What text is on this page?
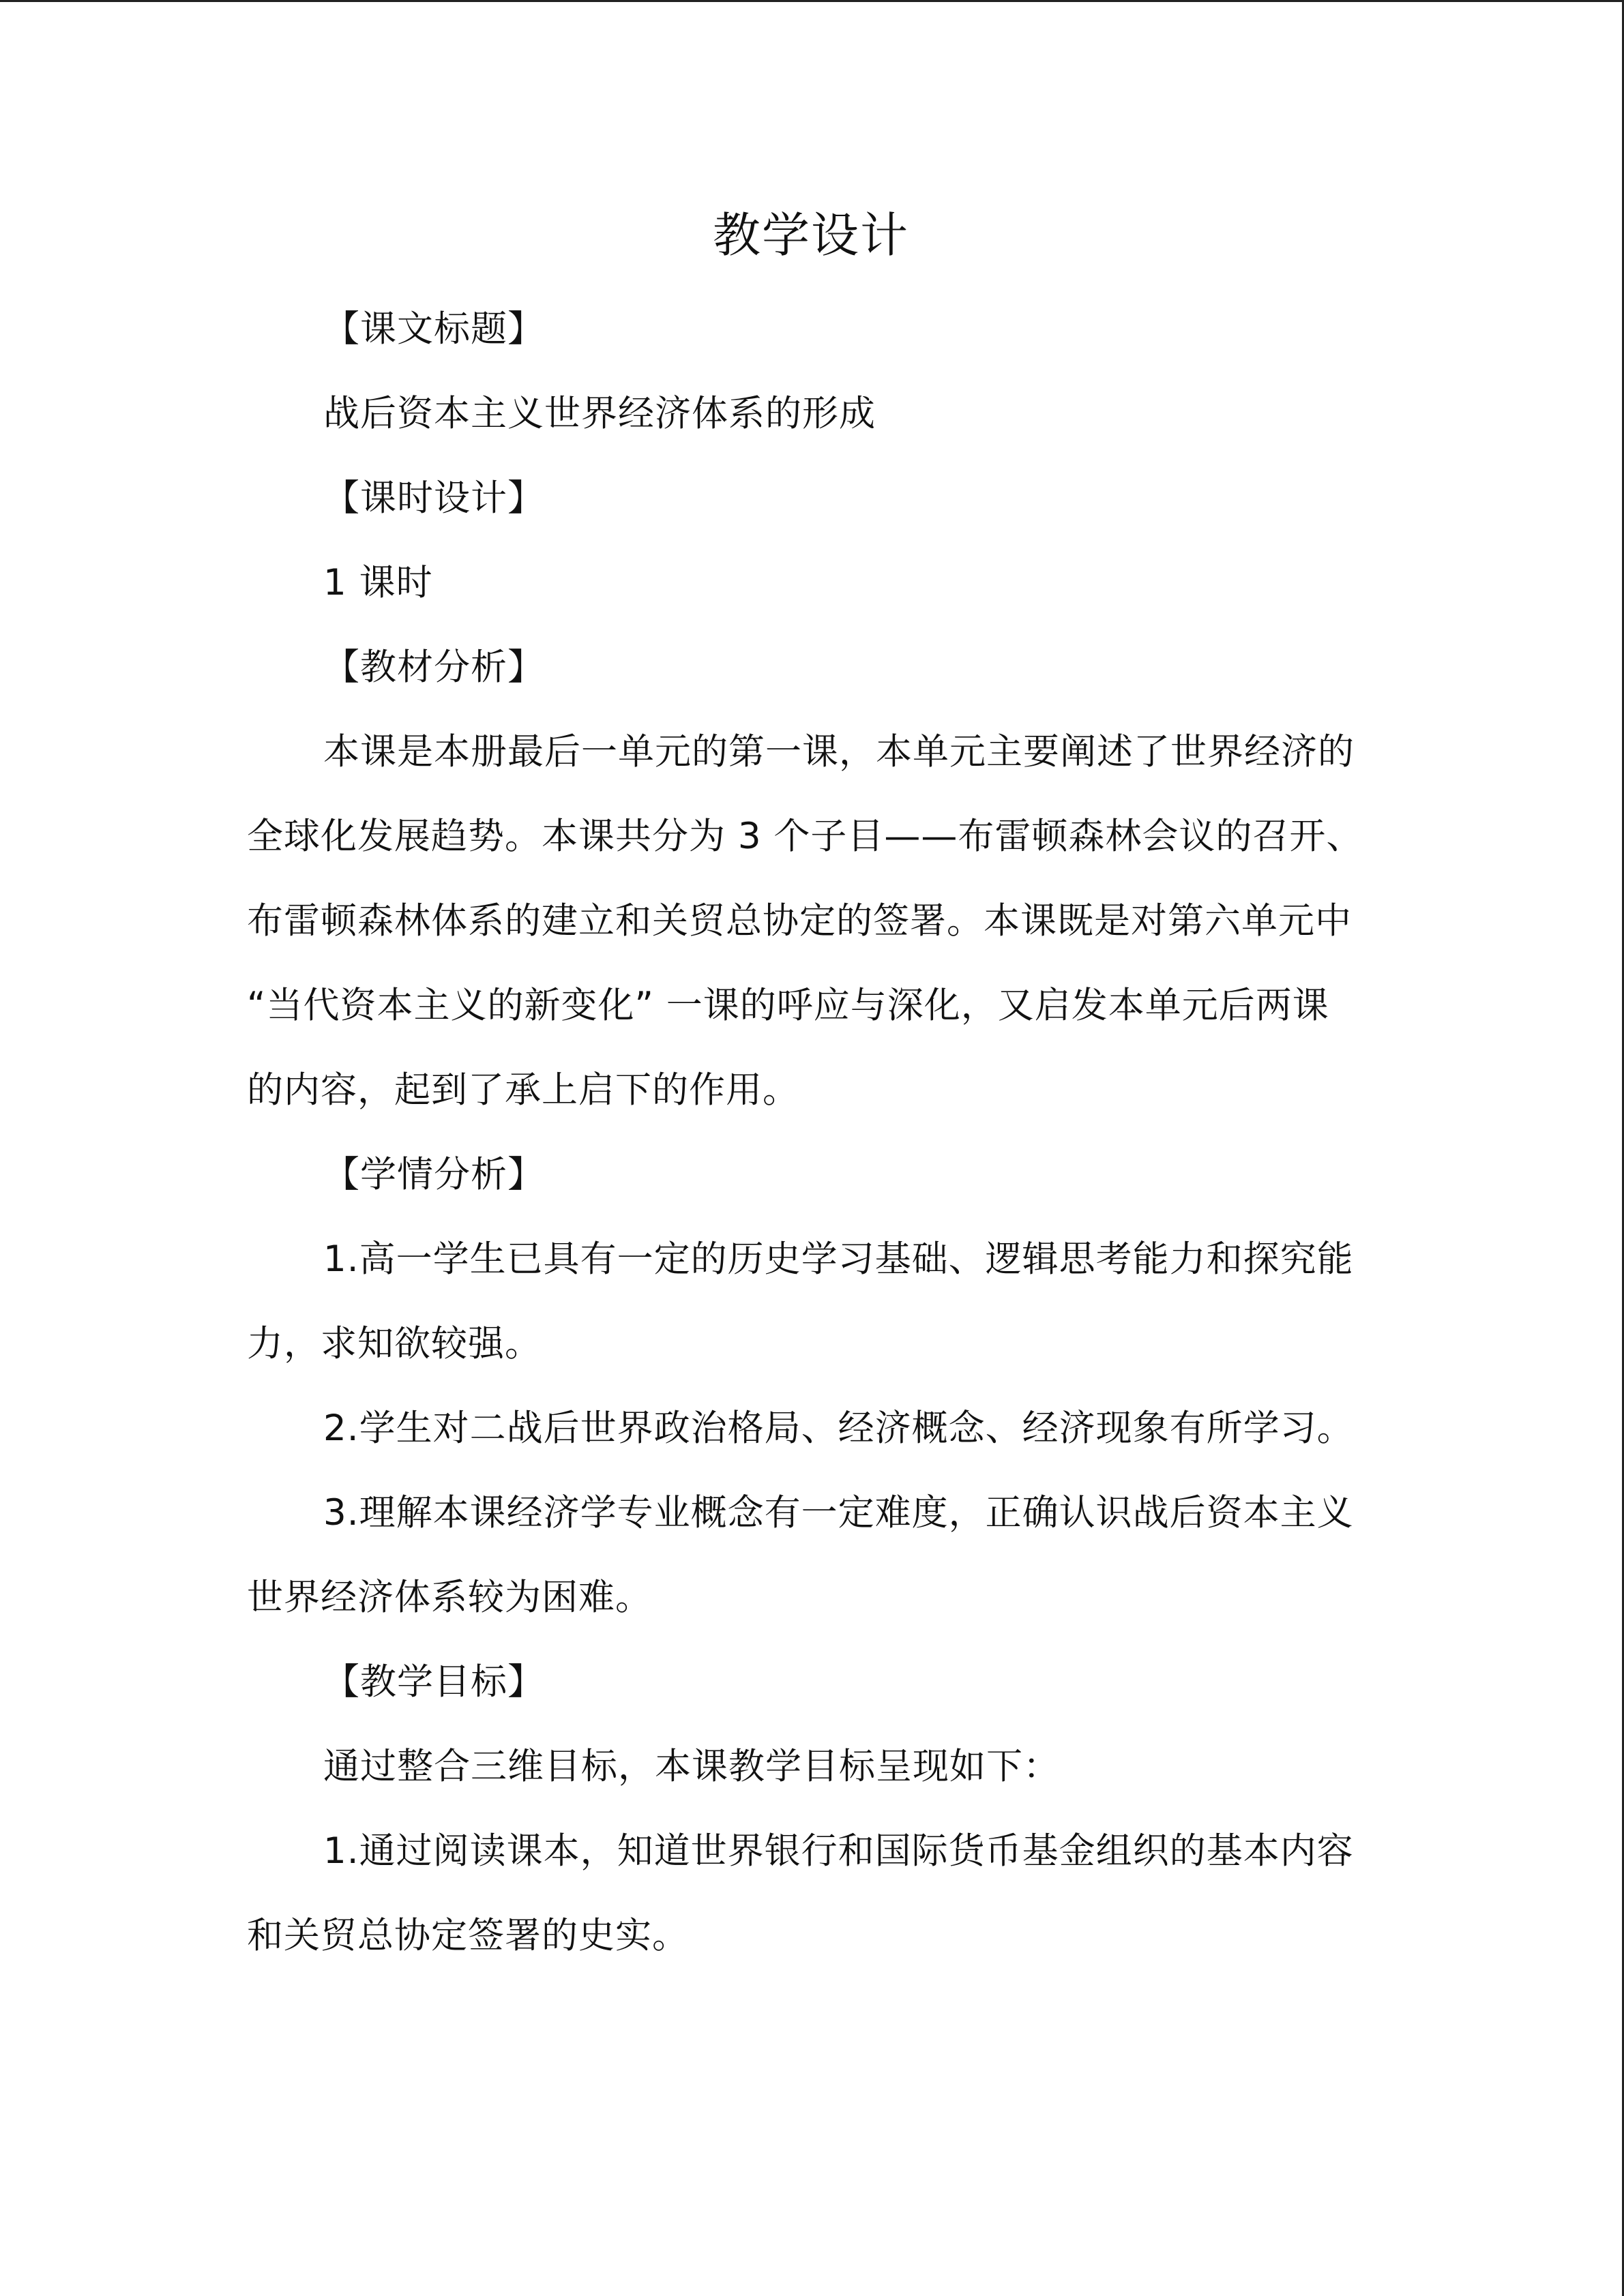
教学设计

【课文标题】

战后资本主义世界经济体系的形成

【课时设计】

1 课时

【教材分析】

本课是本册最后一单元的第一课，本单元主要阐述了世界经济的全球化发展趋势。本课共分为 3 个子目——布雷顿森林会议的召开、布雷顿森林体系的建立和关贸总协定的签署。本课既是对第六单元中 “当代资本主义的新变化” 一课的呼应与深化，又启发本单元后两课的内容，起到了承上启下的作用。

【学情分析】

1.高一学生已具有一定的历史学习基础、逻辑思考能力和探究能力，求知欲较强。

2.学生对二战后世界政治格局、经济概念、经济现象有所学习。

3.理解本课经济学专业概念有一定难度，正确认识战后资本主义世界经济体系较为困难。

【教学目标】

通过整合三维目标，本课教学目标呈现如下：

1.通过阅读课本，知道世界银行和国际货币基金组织的基本内容和关贸总协定签署的史实。
